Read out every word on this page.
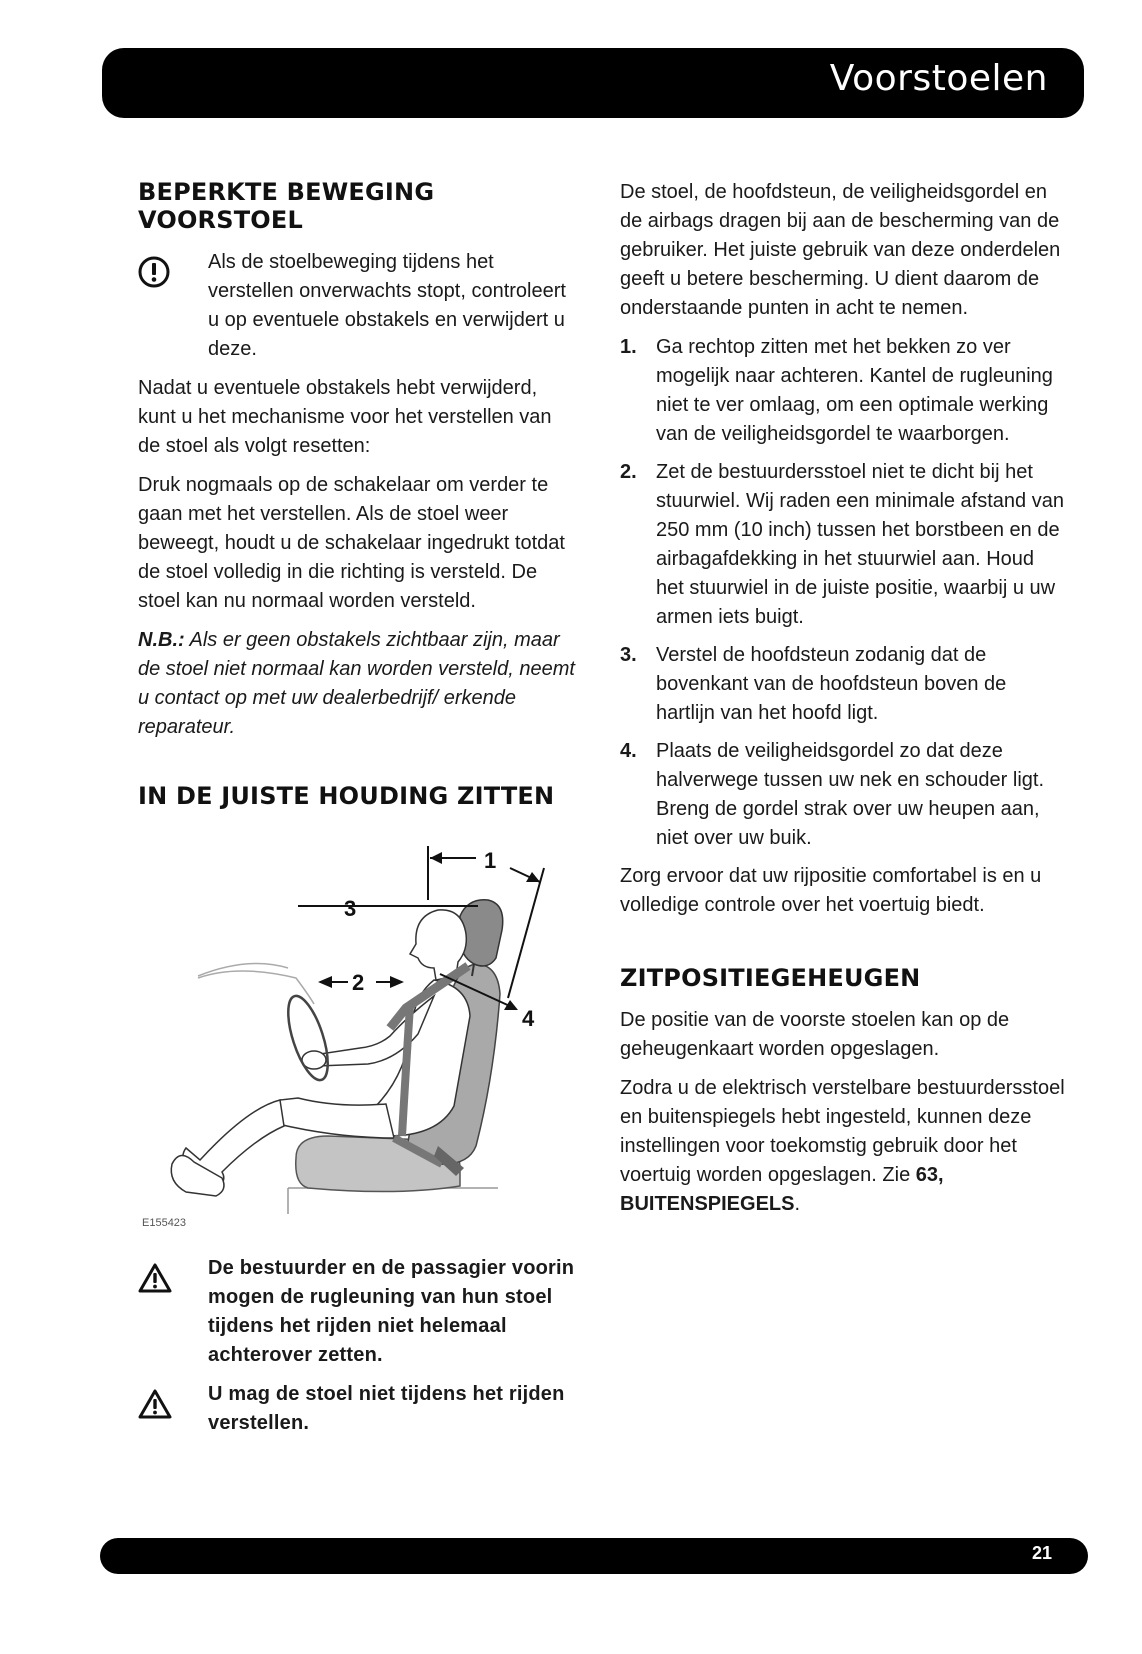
Voorstoelen
BEPERKTE BEWEGING VOORSTOEL

Als de stoelbeweging tijdens het verstellen onverwachts stopt, controleert u op eventuele obstakels en verwijdert u deze.

Nadat u eventuele obstakels hebt verwijderd, kunt u het mechanisme voor het verstellen van de stoel als volgt resetten:

Druk nogmaals op de schakelaar om verder te gaan met het verstellen. Als de stoel weer beweegt, houdt u de schakelaar ingedrukt totdat de stoel volledig in die richting is versteld. De stoel kan nu normaal worden versteld.

N.B.: Als er geen obstakels zichtbaar zijn, maar de stoel niet normaal kan worden versteld, neemt u contact op met uw dealerbedrijf/ erkende reparateur.

IN DE JUISTE HOUDING ZITTEN
1
2
3
4
E155423

De bestuurder en de passagier voorin mogen de rugleuning van hun stoel tijdens het rijden niet helemaal achterover zetten.

U mag de stoel niet tijdens het rijden verstellen.

De stoel, de hoofdsteun, de veiligheidsgordel en de airbags dragen bij aan de bescherming van de gebruiker. Het juiste gebruik van deze onderdelen geeft u betere bescherming. U dient daarom de onderstaande punten in acht te nemen.

1. Ga rechtop zitten met het bekken zo ver mogelijk naar achteren. Kantel de rugleuning niet te ver omlaag, om een optimale werking van de veiligheidsgordel te waarborgen.
2. Zet de bestuurdersstoel niet te dicht bij het stuurwiel. Wij raden een minimale afstand van 250 mm (10 inch) tussen het borstbeen en de airbagafdekking in het stuurwiel aan. Houd het stuurwiel in de juiste positie, waarbij u uw armen iets buigt.
3. Verstel de hoofdsteun zodanig dat de bovenkant van de hoofdsteun boven de hartlijn van het hoofd ligt.
4. Plaats de veiligheidsgordel zo dat deze halverwege tussen uw nek en schouder ligt. Breng de gordel strak over uw heupen aan, niet over uw buik.

Zorg ervoor dat uw rijpositie comfortabel is en u volledige controle over het voertuig biedt.

ZITPOSITIEGEHEUGEN

De positie van de voorste stoelen kan op de geheugenkaart worden opgeslagen.

Zodra u de elektrisch verstelbare bestuurdersstoel en buitenspiegels hebt ingesteld, kunnen deze instellingen voor toekomstig gebruik door het voertuig worden opgeslagen. Zie 63, BUITENSPIEGELS.

21
